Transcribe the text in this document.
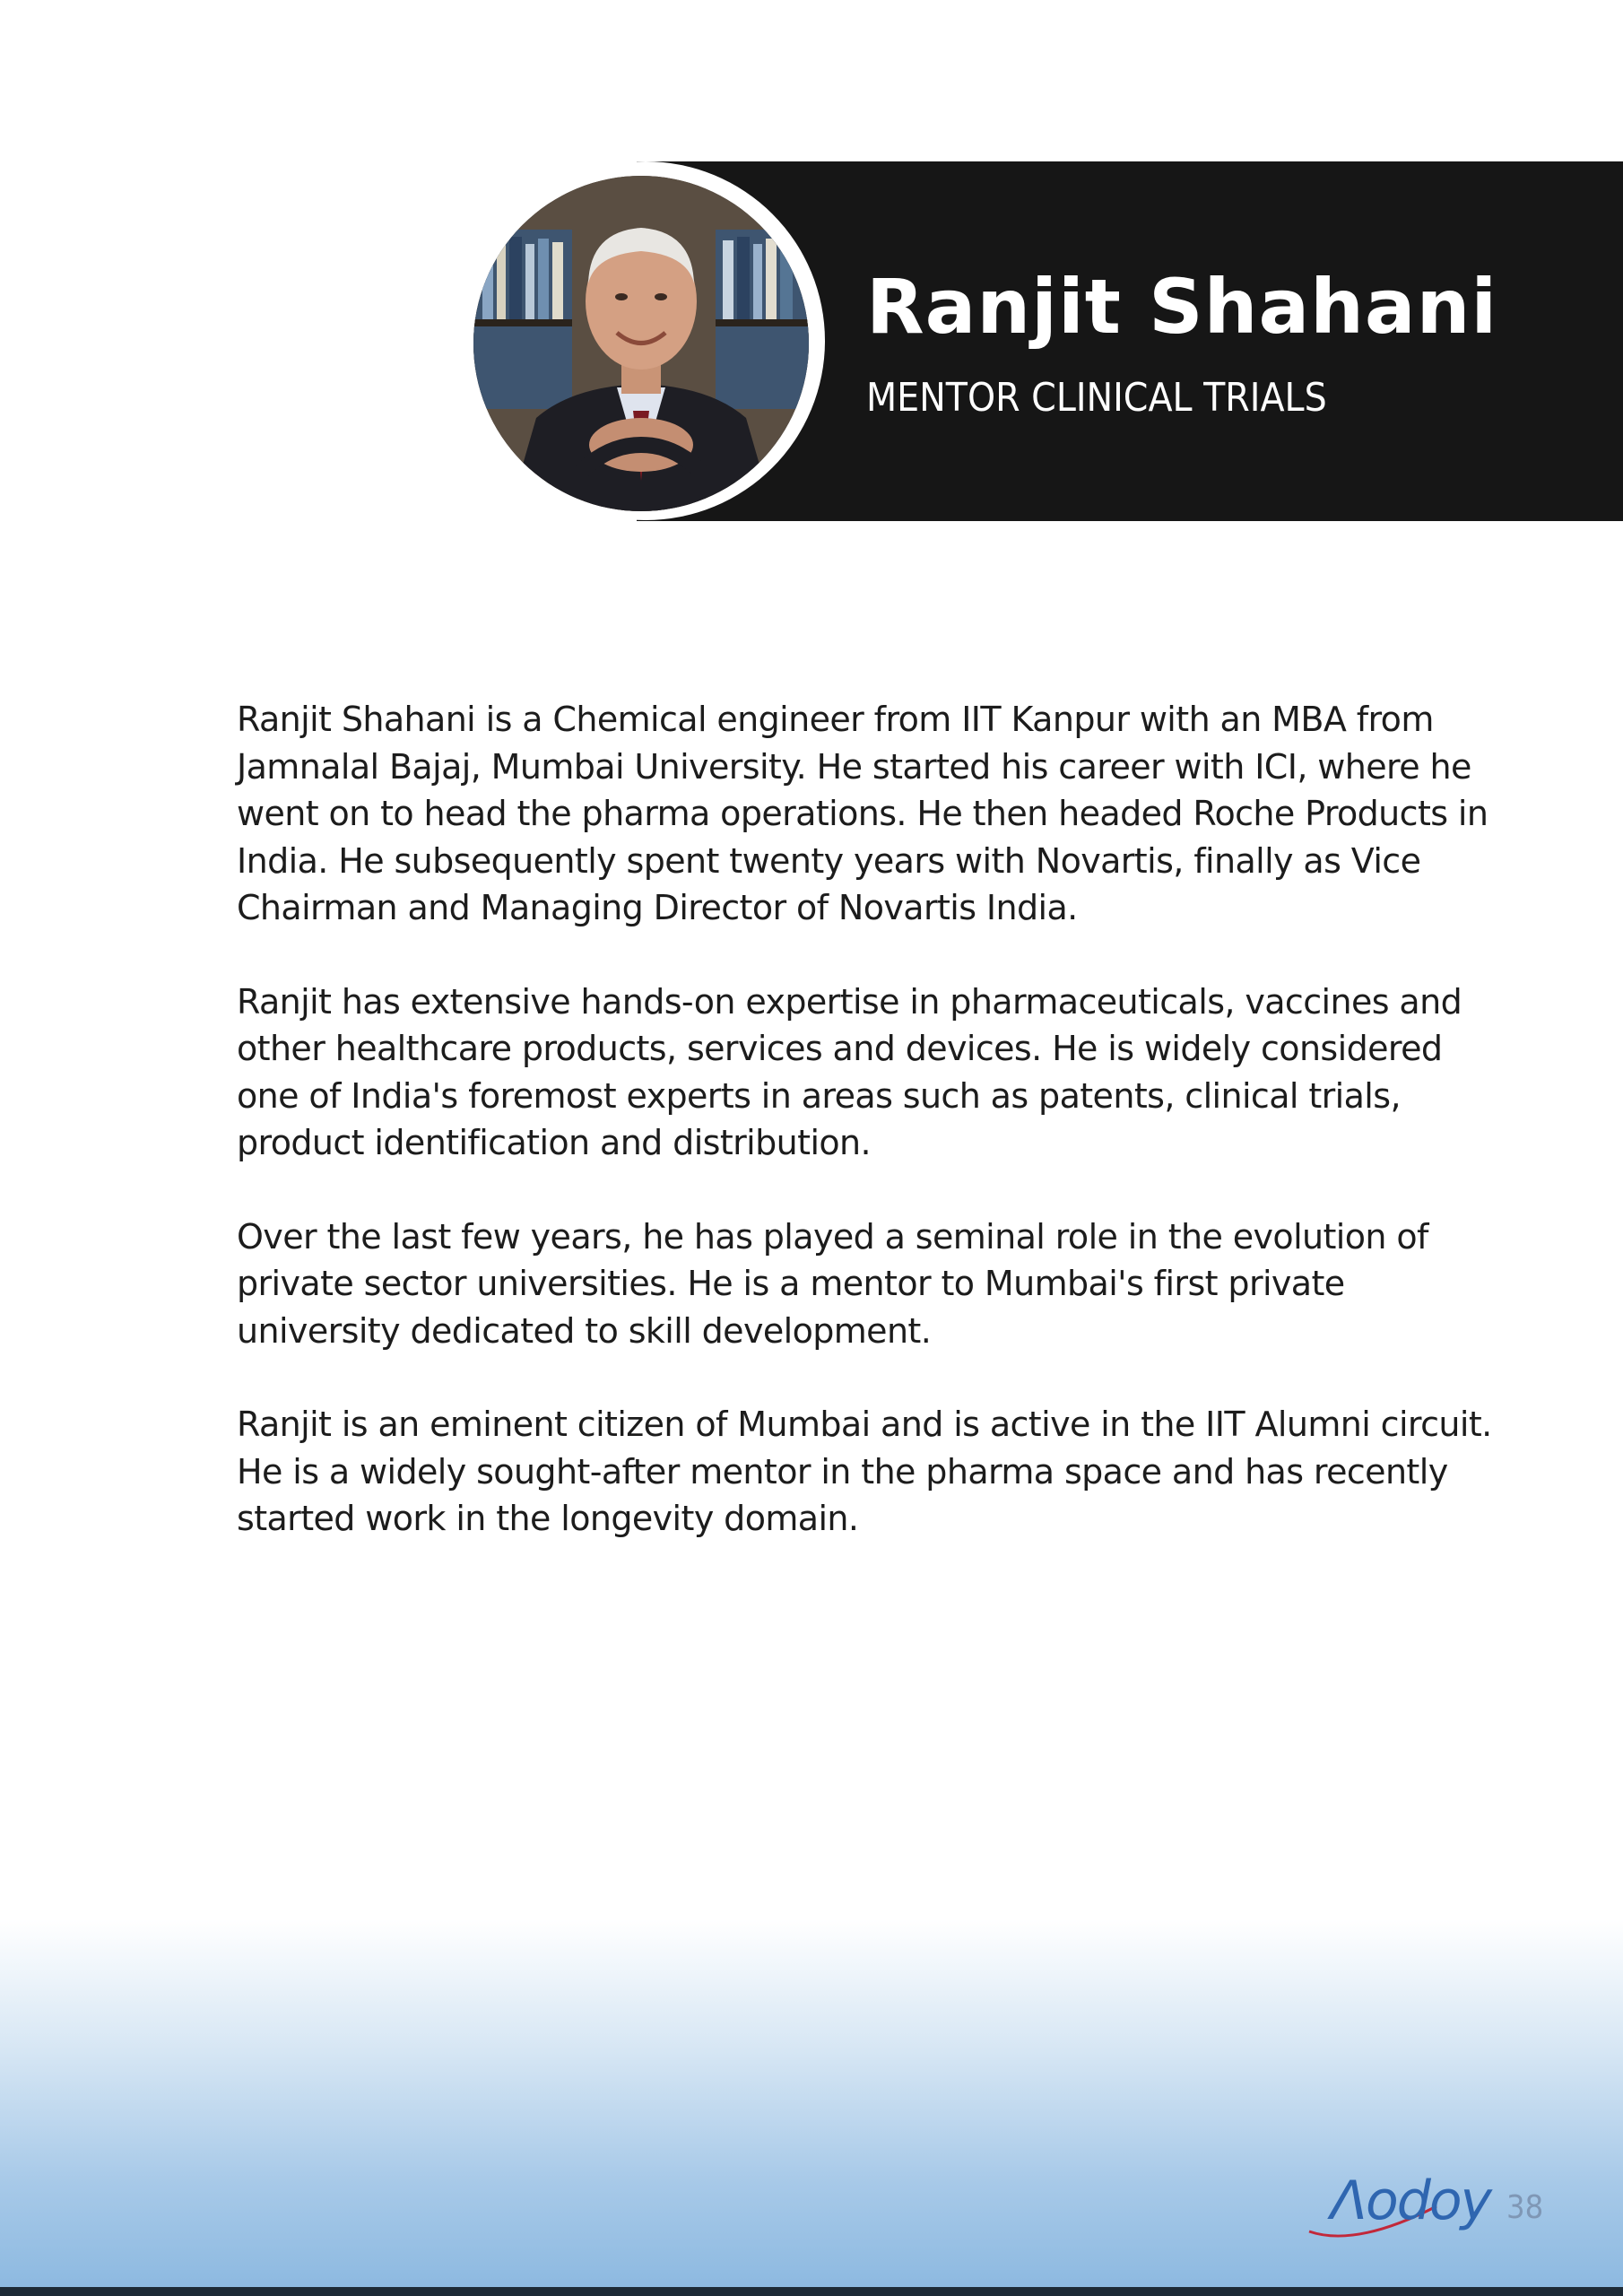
Ranjit Shahani

MENTOR CLINICAL TRIALS

Ranjit Shahani is a Chemical engineer from IIT Kanpur with an MBA from Jamnalal Bajaj, Mumbai University. He started his career with ICI, where he went on to head the pharma operations. He then headed Roche Products in India. He subsequently spent twenty years with Novartis, finally as Vice Chairman and Managing Director of Novartis India.

Ranjit has extensive hands-on expertise in pharmaceuticals, vaccines and other healthcare products, services and devices. He is widely considered one of India's foremost experts in areas such as patents, clinical trials, product identification and distribution.

Over the last few years, he has played a seminal role in the evolution of private sector universities. He is a mentor to Mumbai's first private university dedicated to skill development.

Ranjit is an eminent citizen of Mumbai and is active in the IIT Alumni circuit. He is a widely sought-after mentor in the pharma space and has recently started work in the longevity domain.

Λodoy 38
